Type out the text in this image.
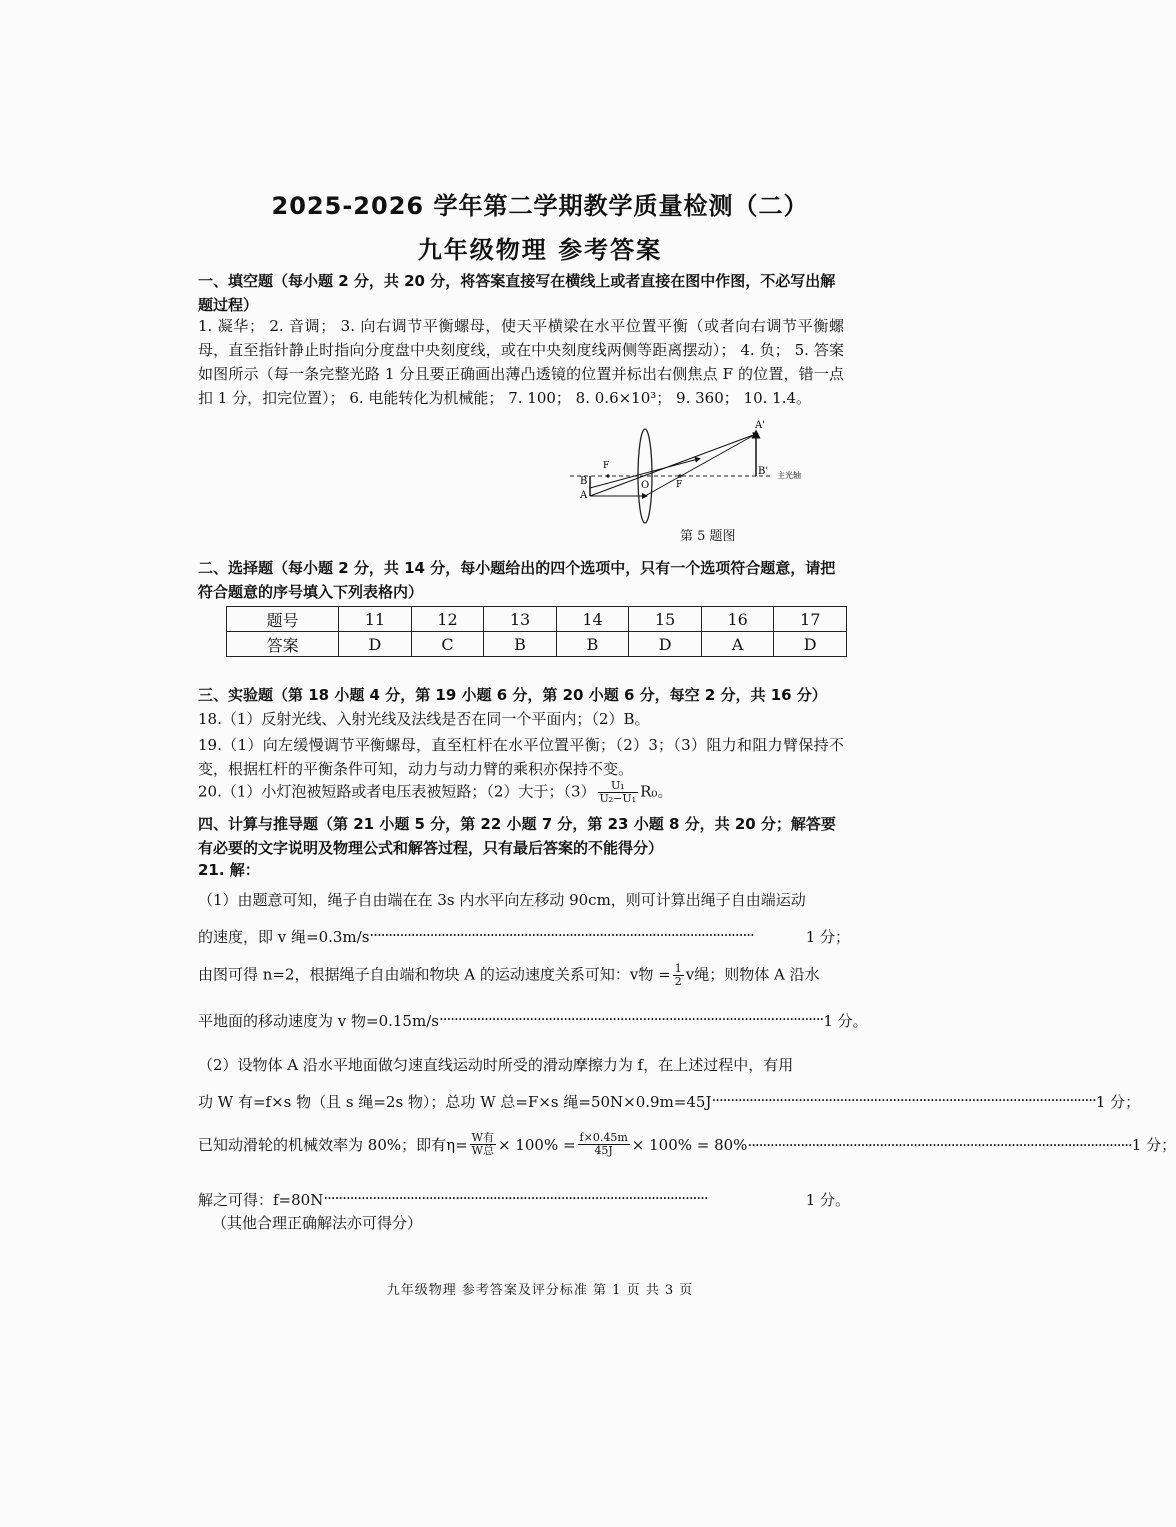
2025-2026 学年第二学期教学质量检测（二）
九年级物理 参考答案
一、填空题（每小题 2 分，共 20 分，将答案直接写在横线上或者直接在图中作图，不必写出解题过程）
1. 凝华； 2. 音调； 3. 向右调节平衡螺母，使天平横梁在水平位置平衡（或者向右调节平衡螺母，直至指针静止时指向分度盘中央刻度线，或在中央刻度线两侧等距离摆动）； 4. 负； 5. 答案如图所示（每一条完整光路 1 分且要正确画出薄凸透镜的位置并标出右侧焦点 F 的位置，错一点扣 1 分，扣完位置）； 6. 电能转化为机械能； 7. 100； 8. 0.6×10³； 9. 360； 10. 1.4。
A'
B'
F
F
O
B
A
主光轴
第 5 题图
二、选择题（每小题 2 分，共 14 分，每小题给出的四个选项中，只有一个选项符合题意，请把符合题意的序号填入下列表格内）
题号	11	12	13	14	15	16	17
答案	D	C	B	B	D	A	D
三、实验题（第 18 小题 4 分，第 19 小题 6 分，第 20 小题 6 分，每空 2 分，共 16 分）
18.（1）反射光线、入射光线及法线是否在同一个平面内；（2）B。
19.（1）向左缓慢调节平衡螺母，直至杠杆在水平位置平衡；（2）3；（3）阻力和阻力臂保持不变，根据杠杆的平衡条件可知，动力与动力臂的乘积亦保持不变。
20.（1）小灯泡被短路或者电压表被短路；（2）大于；$(3) \frac{\text{U₁}}{\text{U₂−U₁}} R_0$。
四、计算与推导题（第 21 小题 5 分，第 22 小题 7 分，第 23 小题 8 分，共 20 分；解答要有必要的文字说明及物理公式和解答过程，只有最后答案的不能得分）
21. 解：
（1）由题意可知，绳子自由端在在 3s 内水平向左移动 90cm，则可计算出绳子自由端运动
的速度，即 v 绳=0.3m/s ······································································································	1 分；
由图可得 n=2，根据绳子自由端和物块 A 的运动速度关系可知：v物 = $\frac{1}{2}$ v绳；则物体 A 沿水
平地面的移动速度为 v 物=0.15m/s ······································································································ 1 分。
（2）设物体 A 沿水平地面做匀速直线运动时所受的滑动摩擦力为 f，在上述过程中，有用
功 W 有=f×s 物（且 s 绳=2s 物）；总功 W 总=F×s 绳=50N×0.9m=45J ······································································································ 1 分；
已知动滑轮的机械效率为 80%；即有$\eta= \frac{\text{W有}}{\text{W总}} \times 100\% = \frac{f\times 0.45m}{45J} \times 100\% = 80\%$ ······································································································ 1 分；
解之可得：f=80N ······································································································	1 分。
（其他合理正确解法亦可得分）
九年级物理 参考答案及评分标准 第 1 页 共 3 页
